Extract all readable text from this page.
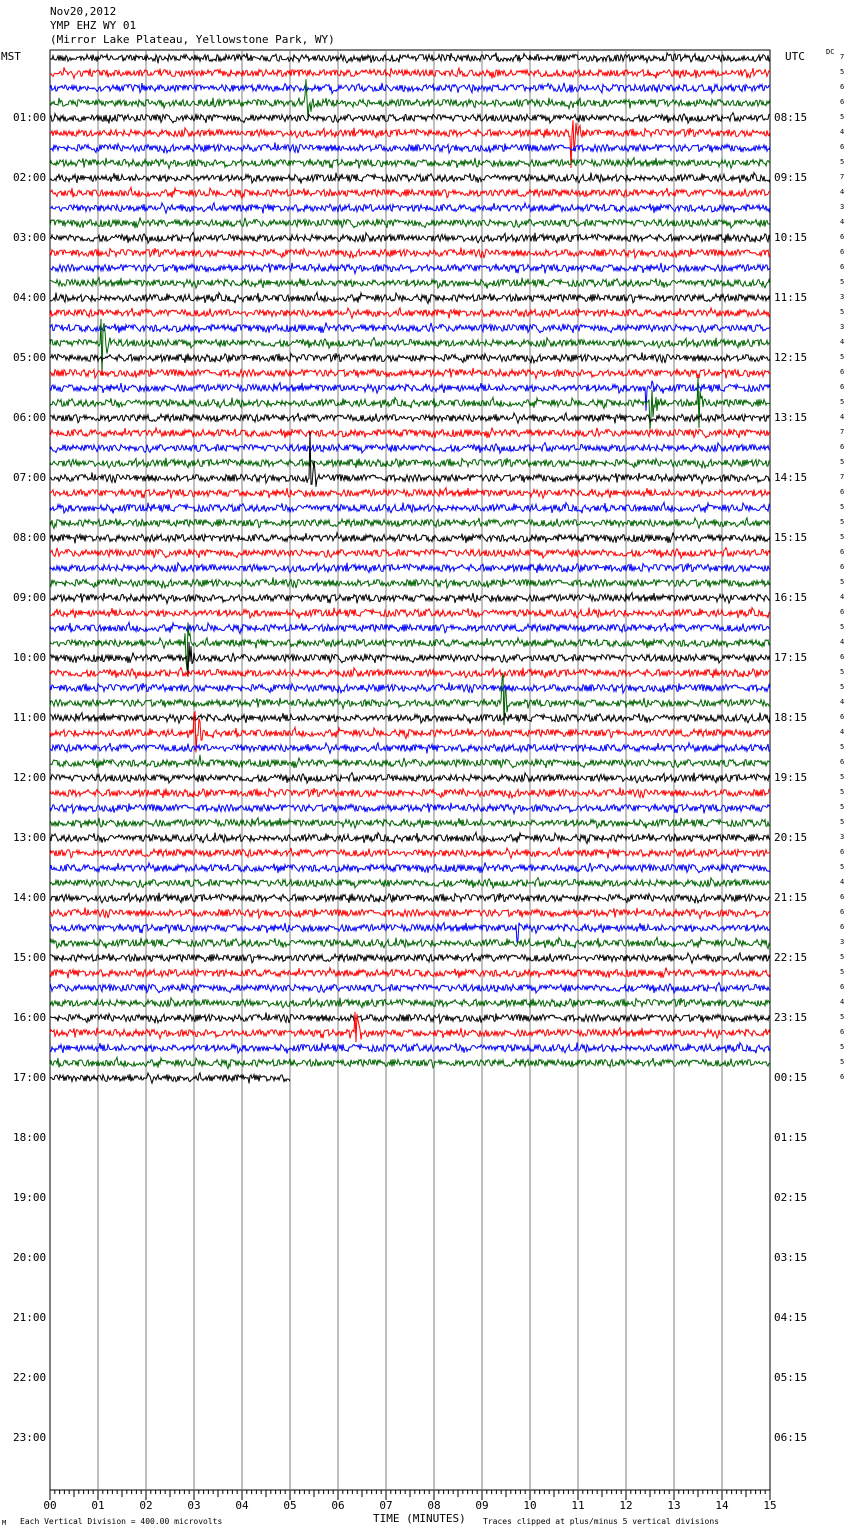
Nov20,2012
YMP EHZ WY 01
(Mirror Lake Plateau, Yellowstone Park, WY)
MST	UTC	DC
00	01	02	03	04	05	06	07	08	09	10	11	12	13	14	15
01:00
02:00
03:00
04:00
05:00
06:00
07:00
08:00
09:00
10:00
11:00
12:00
13:00
14:00
15:00
16:00
17:00
18:00
19:00
20:00
21:00
22:00
23:00
08:15
09:15
10:15
11:15
12:15
13:15
14:15
15:15
16:15
17:15
18:15
19:15
20:15
21:15
22:15
23:15
00:15
01:15
02:15
03:15
04:15
05:15
06:15
7
5
6
6
5
4
6
5
7
4
3
4
6
6
6
5
3
5
3
4
5
6
6
5
4
7
6
5
7
6
5
5
5
6
6
5
4
6
5
4
6
5
5
4
6
4
5
6
5
5
5
5
3
6
5
4
6
6
6
3
5
5
6
4
5
6
5
5
6
M Each Vertical Division = 400.00 microvolts	TIME (MINUTES) Traces clipped at plus/minus 5 vertical divisions
